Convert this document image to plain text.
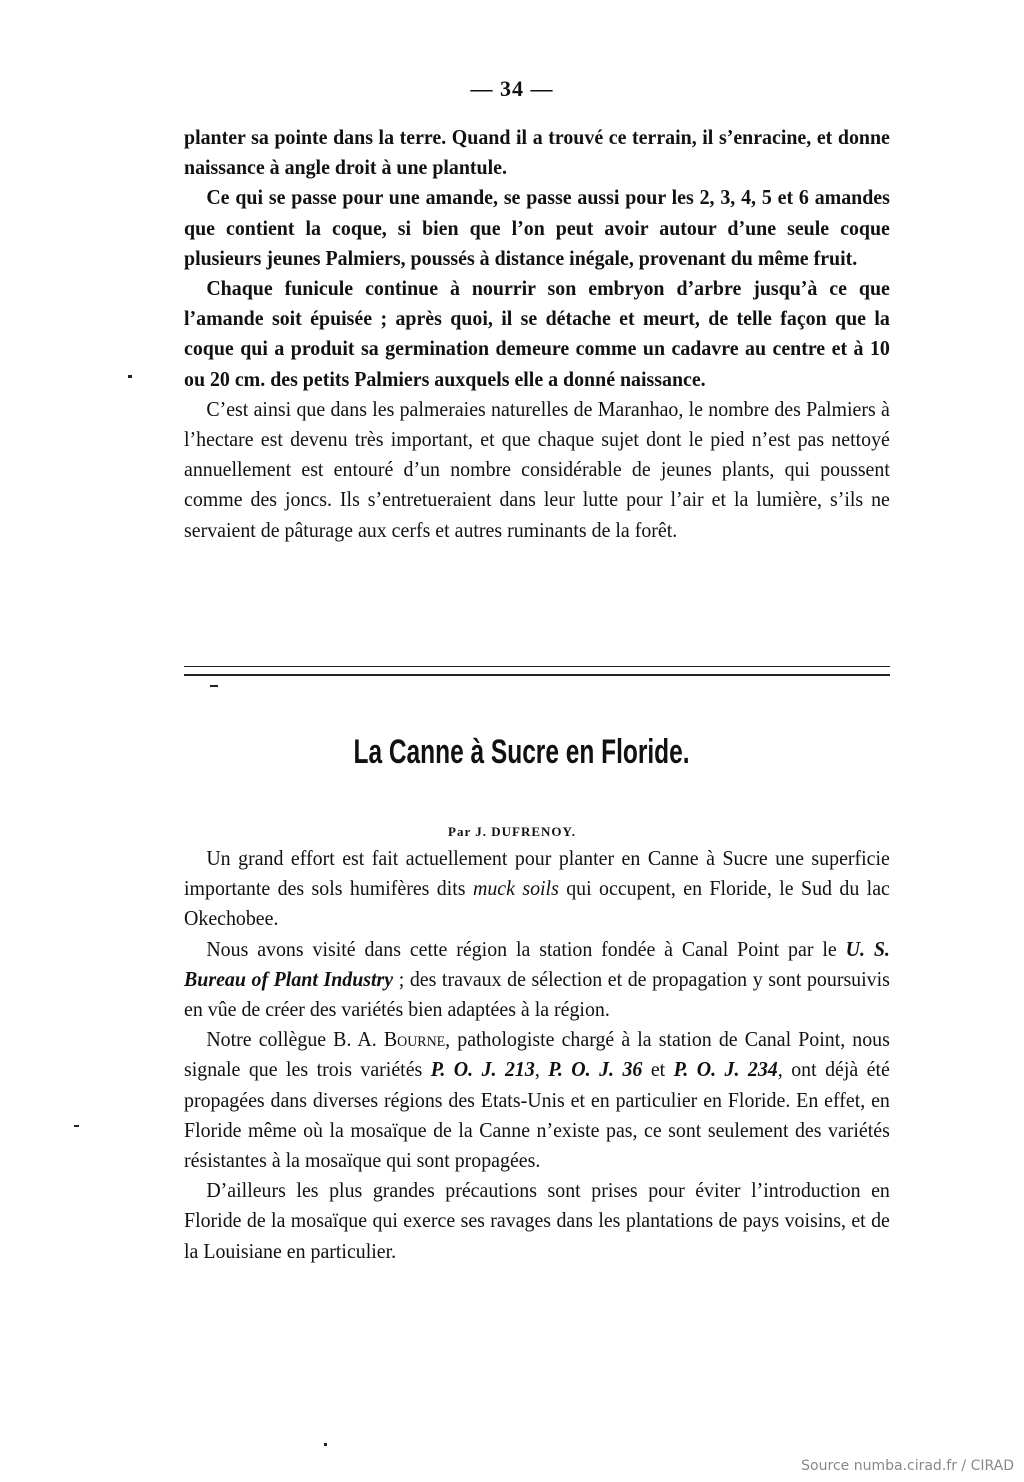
— 34 —

planter sa pointe dans la terre. Quand il a trouvé ce terrain, il s’enracine, et donne naissance à angle droit à une plantule.

Ce qui se passe pour une amande, se passe aussi pour les 2, 3, 4, 5 et 6 amandes que contient la coque, si bien que l’on peut avoir autour d’une seule coque plusieurs jeunes Palmiers, poussés à distance inégale, provenant du même fruit.

Chaque funicule continue à nourrir son embryon d’arbre jusqu’à ce que l’amande soit épuisée ; après quoi, il se détache et meurt, de telle façon que la coque qui a produit sa germination demeure comme un cadavre au centre et à 10 ou 20 cm. des petits Palmiers auxquels elle a donné naissance.

C’est ainsi que dans les palmeraies naturelles de Maranhao, le nombre des Palmiers à l’hectare est devenu très important, et que chaque sujet dont le pied n’est pas nettoyé annuellement est entouré d’un nombre considérable de jeunes plants, qui poussent comme des joncs. Ils s’entretueraient dans leur lutte pour l’air et la lumière, s’ils ne servaient de pâturage aux cerfs et autres ruminants de la forêt.

La Canne à Sucre en Floride.
Par J. DUFRENOY.

Un grand effort est fait actuellement pour planter en Canne à Sucre une superficie importante des sols humifères dits muck soils qui occupent, en Floride, le Sud du lac Okechobee.

Nous avons visité dans cette région la station fondée à Canal Point par le U. S. Bureau of Plant Industry ; des travaux de sélection et de propagation y sont poursuivis en vûe de créer des variétés bien adaptées à la région.

Notre collègue B. A. Bourne, pathologiste chargé à la station de Canal Point, nous signale que les trois variétés P. O. J. 213, P. O. J. 36 et P. O. J. 234, ont déjà été propagées dans diverses régions des Etats-Unis et en particulier en Floride. En effet, en Floride même où la mosaïque de la Canne n’existe pas, ce sont seulement des variétés résistantes à la mosaïque qui sont propagées.

D’ailleurs les plus grandes précautions sont prises pour éviter l’introduction en Floride de la mosaïque qui exerce ses ravages dans les plantations de pays voisins, et de la Louisiane en particulier.

Source numba.cirad.fr / CIRAD
